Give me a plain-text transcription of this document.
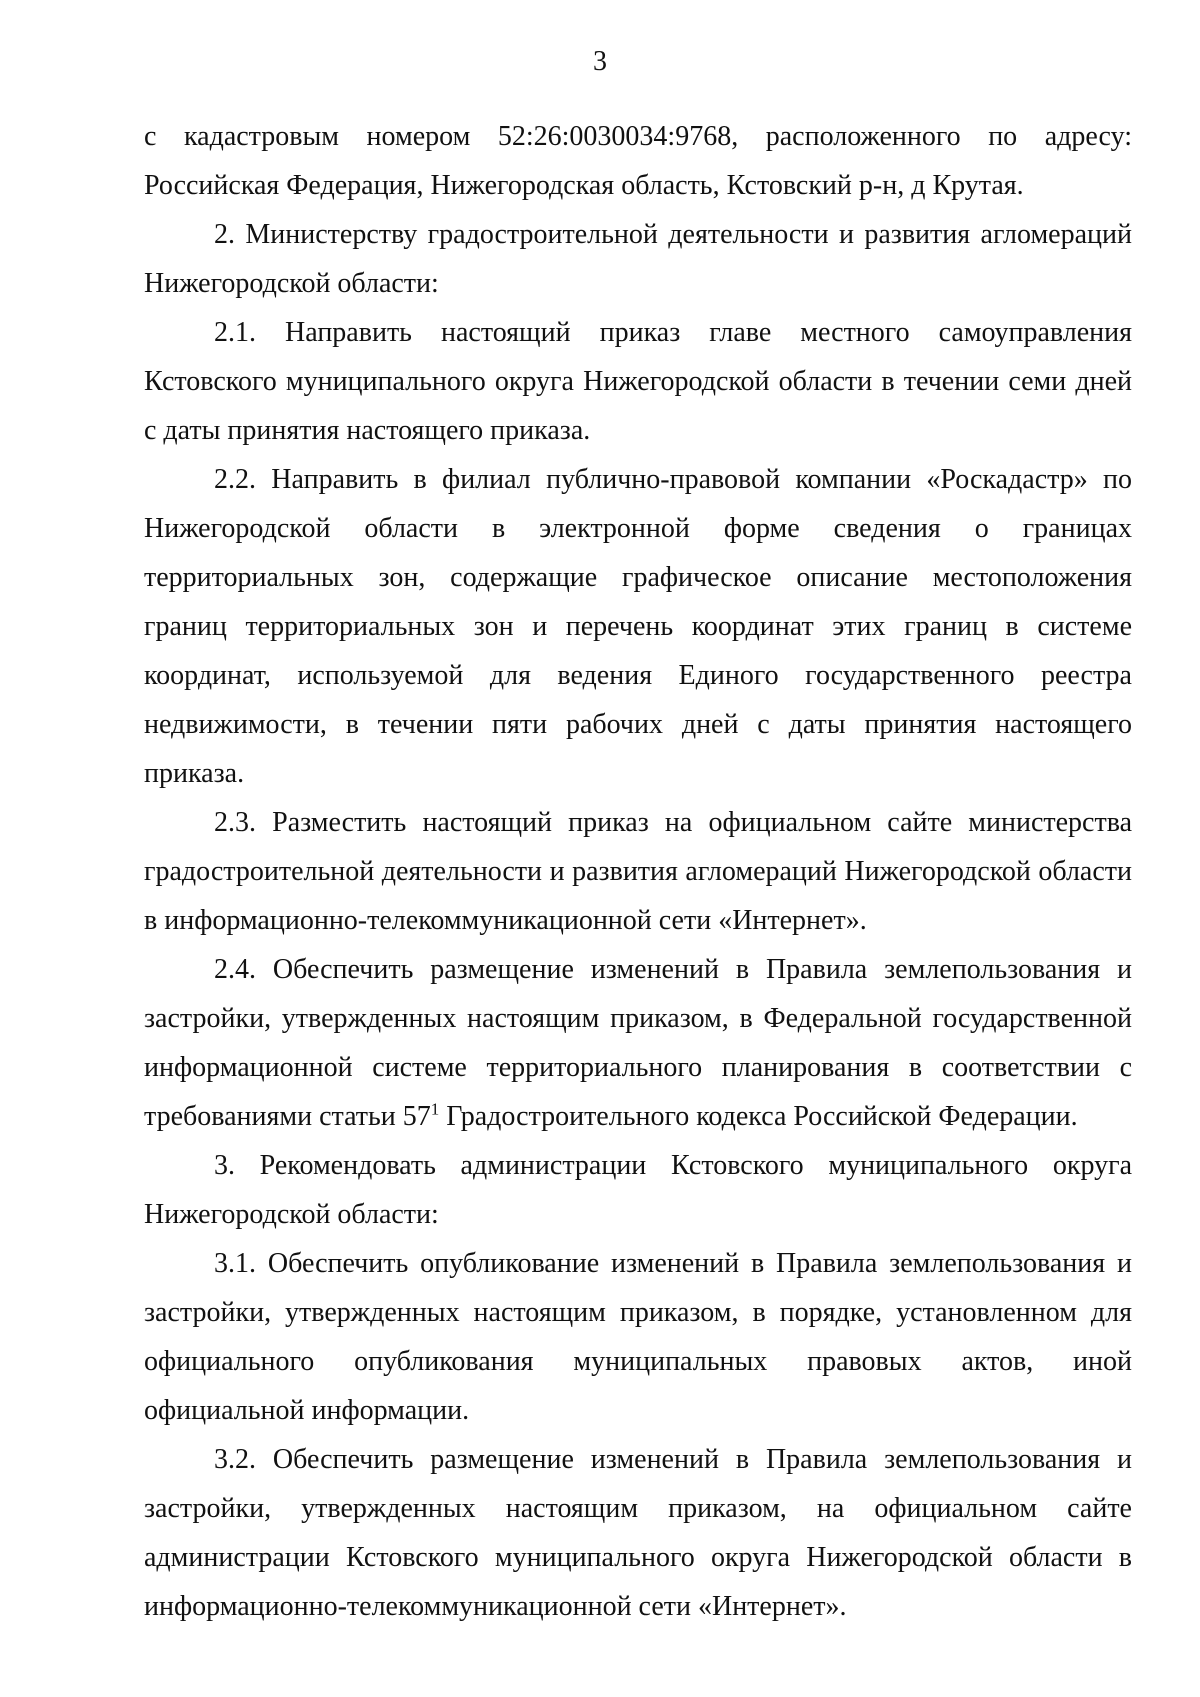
3

с кадастровым номером 52:26:0030034:9768, расположенного по адресу: Российская Федерация, Нижегородская область, Кстовский р-н, д Крутая.

2. Министерству градостроительной деятельности и развития агломераций Нижегородской области:

2.1. Направить настоящий приказ главе местного самоуправления Кстовского муниципального округа Нижегородской области в течении семи дней с даты принятия настоящего приказа.

2.2. Направить в филиал публично-правовой компании «Роскадастр» по Нижегородской области в электронной форме сведения о границах территориальных зон, содержащие графическое описание местоположения границ территориальных зон и перечень координат этих границ в системе координат, используемой для ведения Единого государственного реестра недвижимости, в течении пяти рабочих дней с даты принятия настоящего приказа.

2.3. Разместить настоящий приказ на официальном сайте министерства градостроительной деятельности и развития агломераций Нижегородской области в информационно-телекоммуникационной сети «Интернет».

2.4. Обеспечить размещение изменений в Правила землепользования и застройки, утвержденных настоящим приказом, в Федеральной государственной информационной системе территориального планирования в соответствии с требованиями статьи $57^1$ Градостроительного кодекса Российской Федерации.

3. Рекомендовать администрации Кстовского муниципального округа Нижегородской области:

3.1. Обеспечить опубликование изменений в Правила землепользования и застройки, утвержденных настоящим приказом, в порядке, установленном для официального опубликования муниципальных правовых актов, иной официальной информации.

3.2. Обеспечить размещение изменений в Правила землепользования и застройки, утвержденных настоящим приказом, на официальном сайте администрации Кстовского муниципального округа Нижегородской области в информационно-телекоммуникационной сети «Интернет».
